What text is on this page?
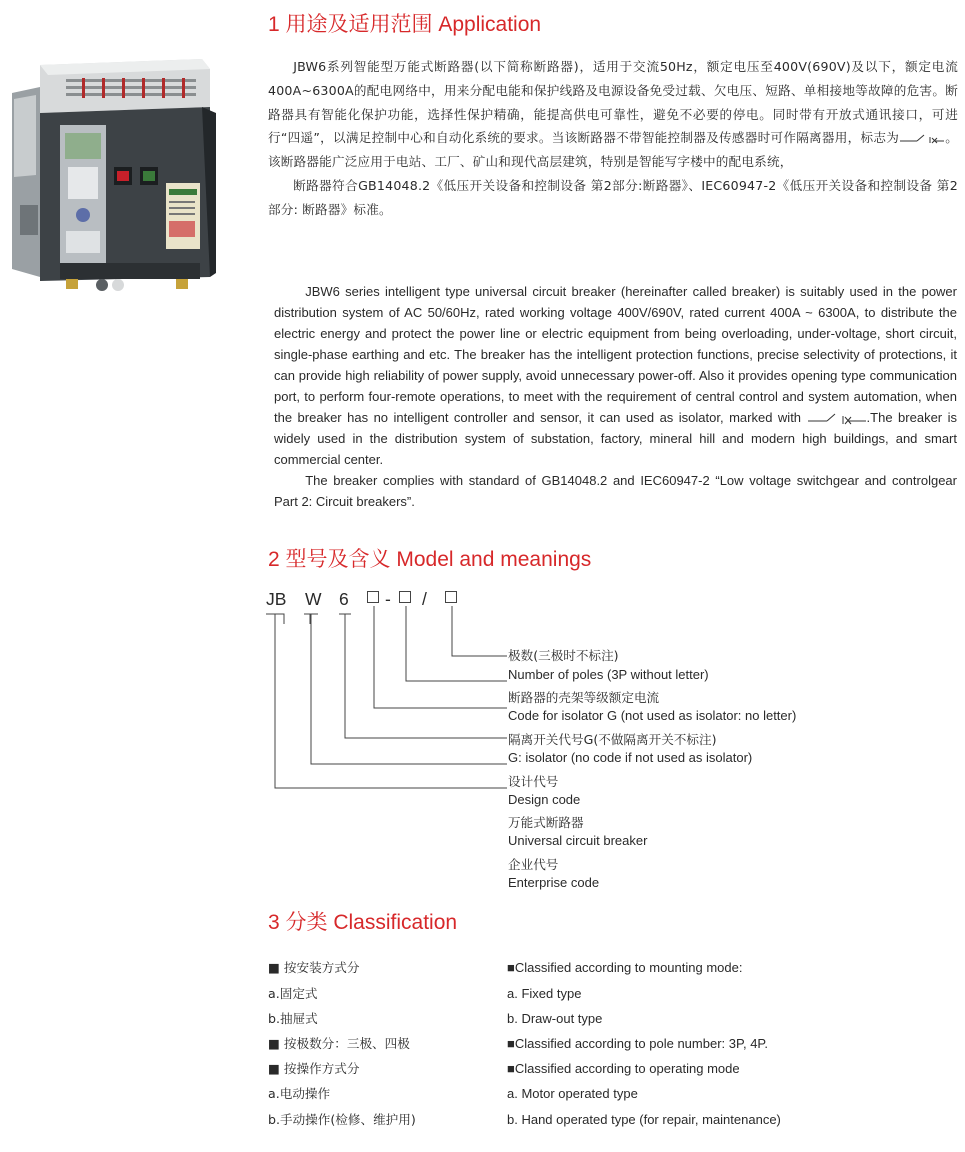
1 用途及适用范围 Application

JBW6系列智能型万能式断路器(以下简称断路器)，适用于交流50Hz，额定电压至400V(690V)及以下，额定电流400A~6300A的配电网络中，用来分配电能和保护线路及电源设备免受过载、欠电压、短路、单相接地等故障的危害。断路器具有智能化保护功能，选择性保护精确，能提高供电可靠性，避免不必要的停电。同时带有开放式通讯接口，可进行“四遥”，以满足控制中心和自动化系统的要求。当该断路器不带智能控制器及传感器时可作隔离器用，标志为	。该断路器能广泛应用于电站、工厂、矿山和现代高层建筑，特别是智能写字楼中的配电系统，

断路器符合GB14048.2《低压开关设备和控制设备 第2部分:断路器》、IEC60947-2《低压开关设备和控制设备 第2部分: 断路器》标准。

JBW6 series intelligent type universal circuit breaker (hereinafter called breaker) is suitably used in the power distribution system of AC 50/60Hz, rated working voltage 400V/690V, rated current 400A ~ 6300A, to distribute the electric energy and protect the power line or electric equipment from being overloading, under-voltage, short circuit, single-phase earthing and etc. The breaker has the intelligent protection functions, precise selectivity of protections, it can provide high reliability of power supply, avoid unnecessary power-off. Also it provides opening type communication port, to perform four-remote operations, to meet with the requirement of central control and system automation, when the breaker has no intelligent controller and sensor, it can used as isolator, marked with	.The breaker is widely used in the distribution system of substation, factory, mineral hill and modern high buildings, and smart commercial center.

The breaker complies with standard of GB14048.2 and IEC60947-2 “Low voltage switchgear and controlgear Part 2: Circuit breakers”.

2 型号及含义 Model and meanings
JB W 6 - /
极数(三极时不标注)
Number of poles (3P without letter)
断路器的壳架等级额定电流
Code for isolator G (not used as isolator: no letter)
隔离开关代号G(不做隔离开关不标注)
G: isolator (no code if not used as isolator)
设计代号
Design code
万能式断路器
Universal circuit breaker
企业代号
Enterprise code
3 分类 Classification
■ 按安装方式分
a.固定式
b.抽屉式
■ 按极数分：三极、四极
■ 按操作方式分
a.电动操作
b.手动操作(检修、维护用)
■Classified according to mounting mode:
a. Fixed type
b. Draw-out type
■Classified according to pole number: 3P, 4P.
■Classified according to operating mode
a. Motor operated type
b. Hand operated type (for repair, maintenance)
